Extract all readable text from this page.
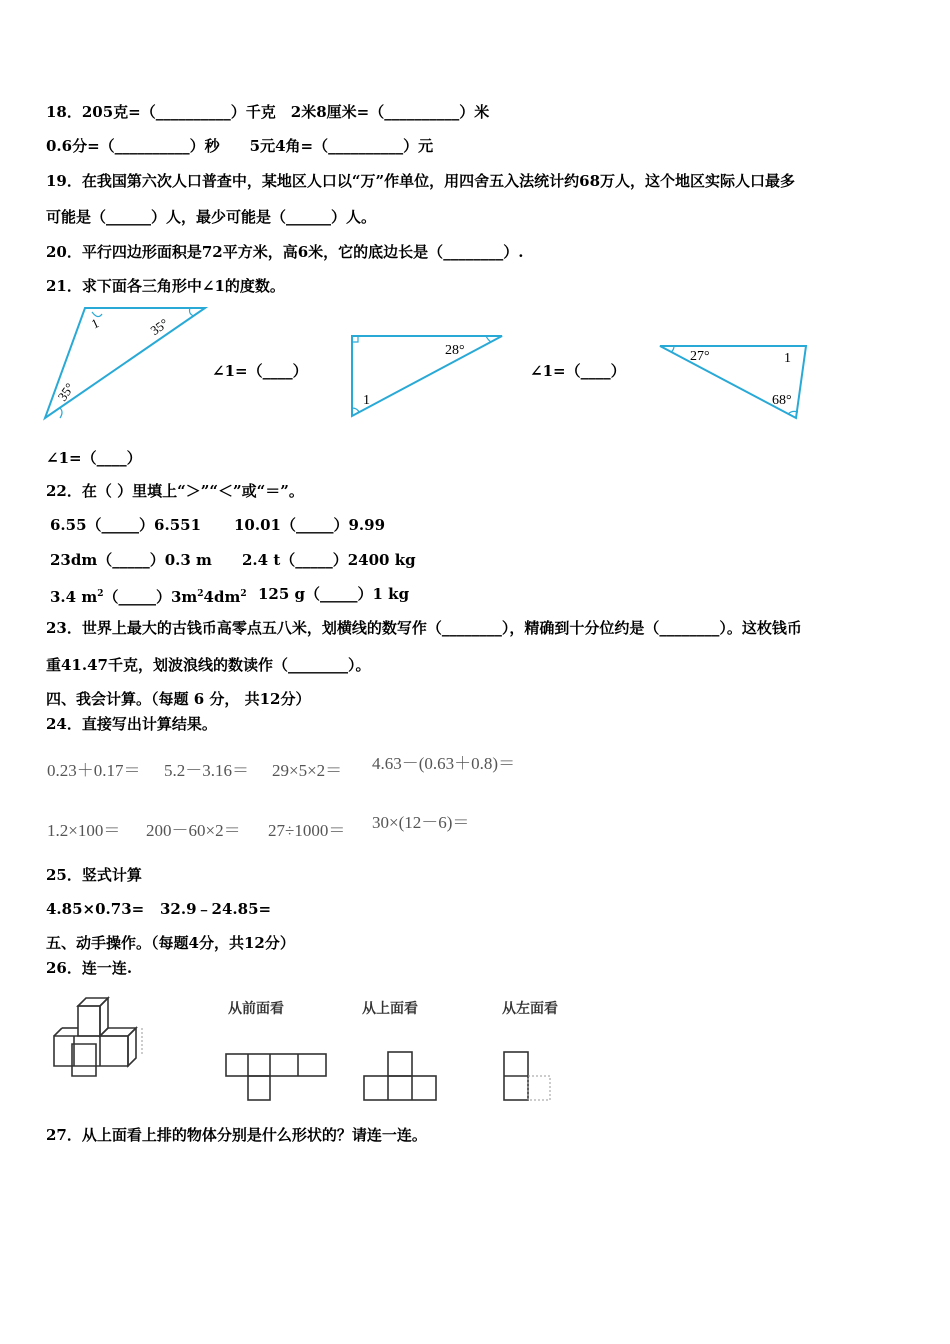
18．205克=（__________）千克　2米8厘米=（__________）米
0.6分=（__________）秒　　5元4角=（__________）元
19．在我国第六次人口普查中，某地区人口以“万”作单位，用四舍五入法统计约68万人，这个地区实际人口最多
可能是（______）人，最少可能是（______）人。
20．平行四边形面积是72平方米，高6米，它的底边长是（________）.
21．求下面各三角形中∠1的度数。
1	35°
35°
∠1=（____）
28°
1
∠1=（____）
27°	1
68°
∠1=（____）
22．在（ ）里填上“＞”“＜”或“＝”。
6.55（_____）6.551 10.01（_____）9.99
23dm（_____）0.3 m 2.4 t（_____）2400 kg
3.4 $m^2(\_\_\_\_\_)3m^24dm^2$ 125 g（_____）1 kg
23．世界上最大的古钱币高零点五八米，划横线的数写作（________），精确到十分位约是（________）。这枚钱币
重41.47千克，划波浪线的数读作（________）。
四、我会计算。（每题 6 分， 共12分）
24．直接写出计算结果。
0.23＋0.17＝ 5.2－3.16＝ 29×5×2＝ 4.63－(0.63＋0.8)＝
1.2×100＝ 200－60×2＝ 27÷1000＝ 30×(12－6)＝
25．竖式计算
4.85×0.73= 32.9﹣24.85=
五、动手操作。（每题4分，共12分）
26．连一连.
从前面看	从上面看	从左面看
27．从上面看上排的物体分别是什么形状的？请连一连。
